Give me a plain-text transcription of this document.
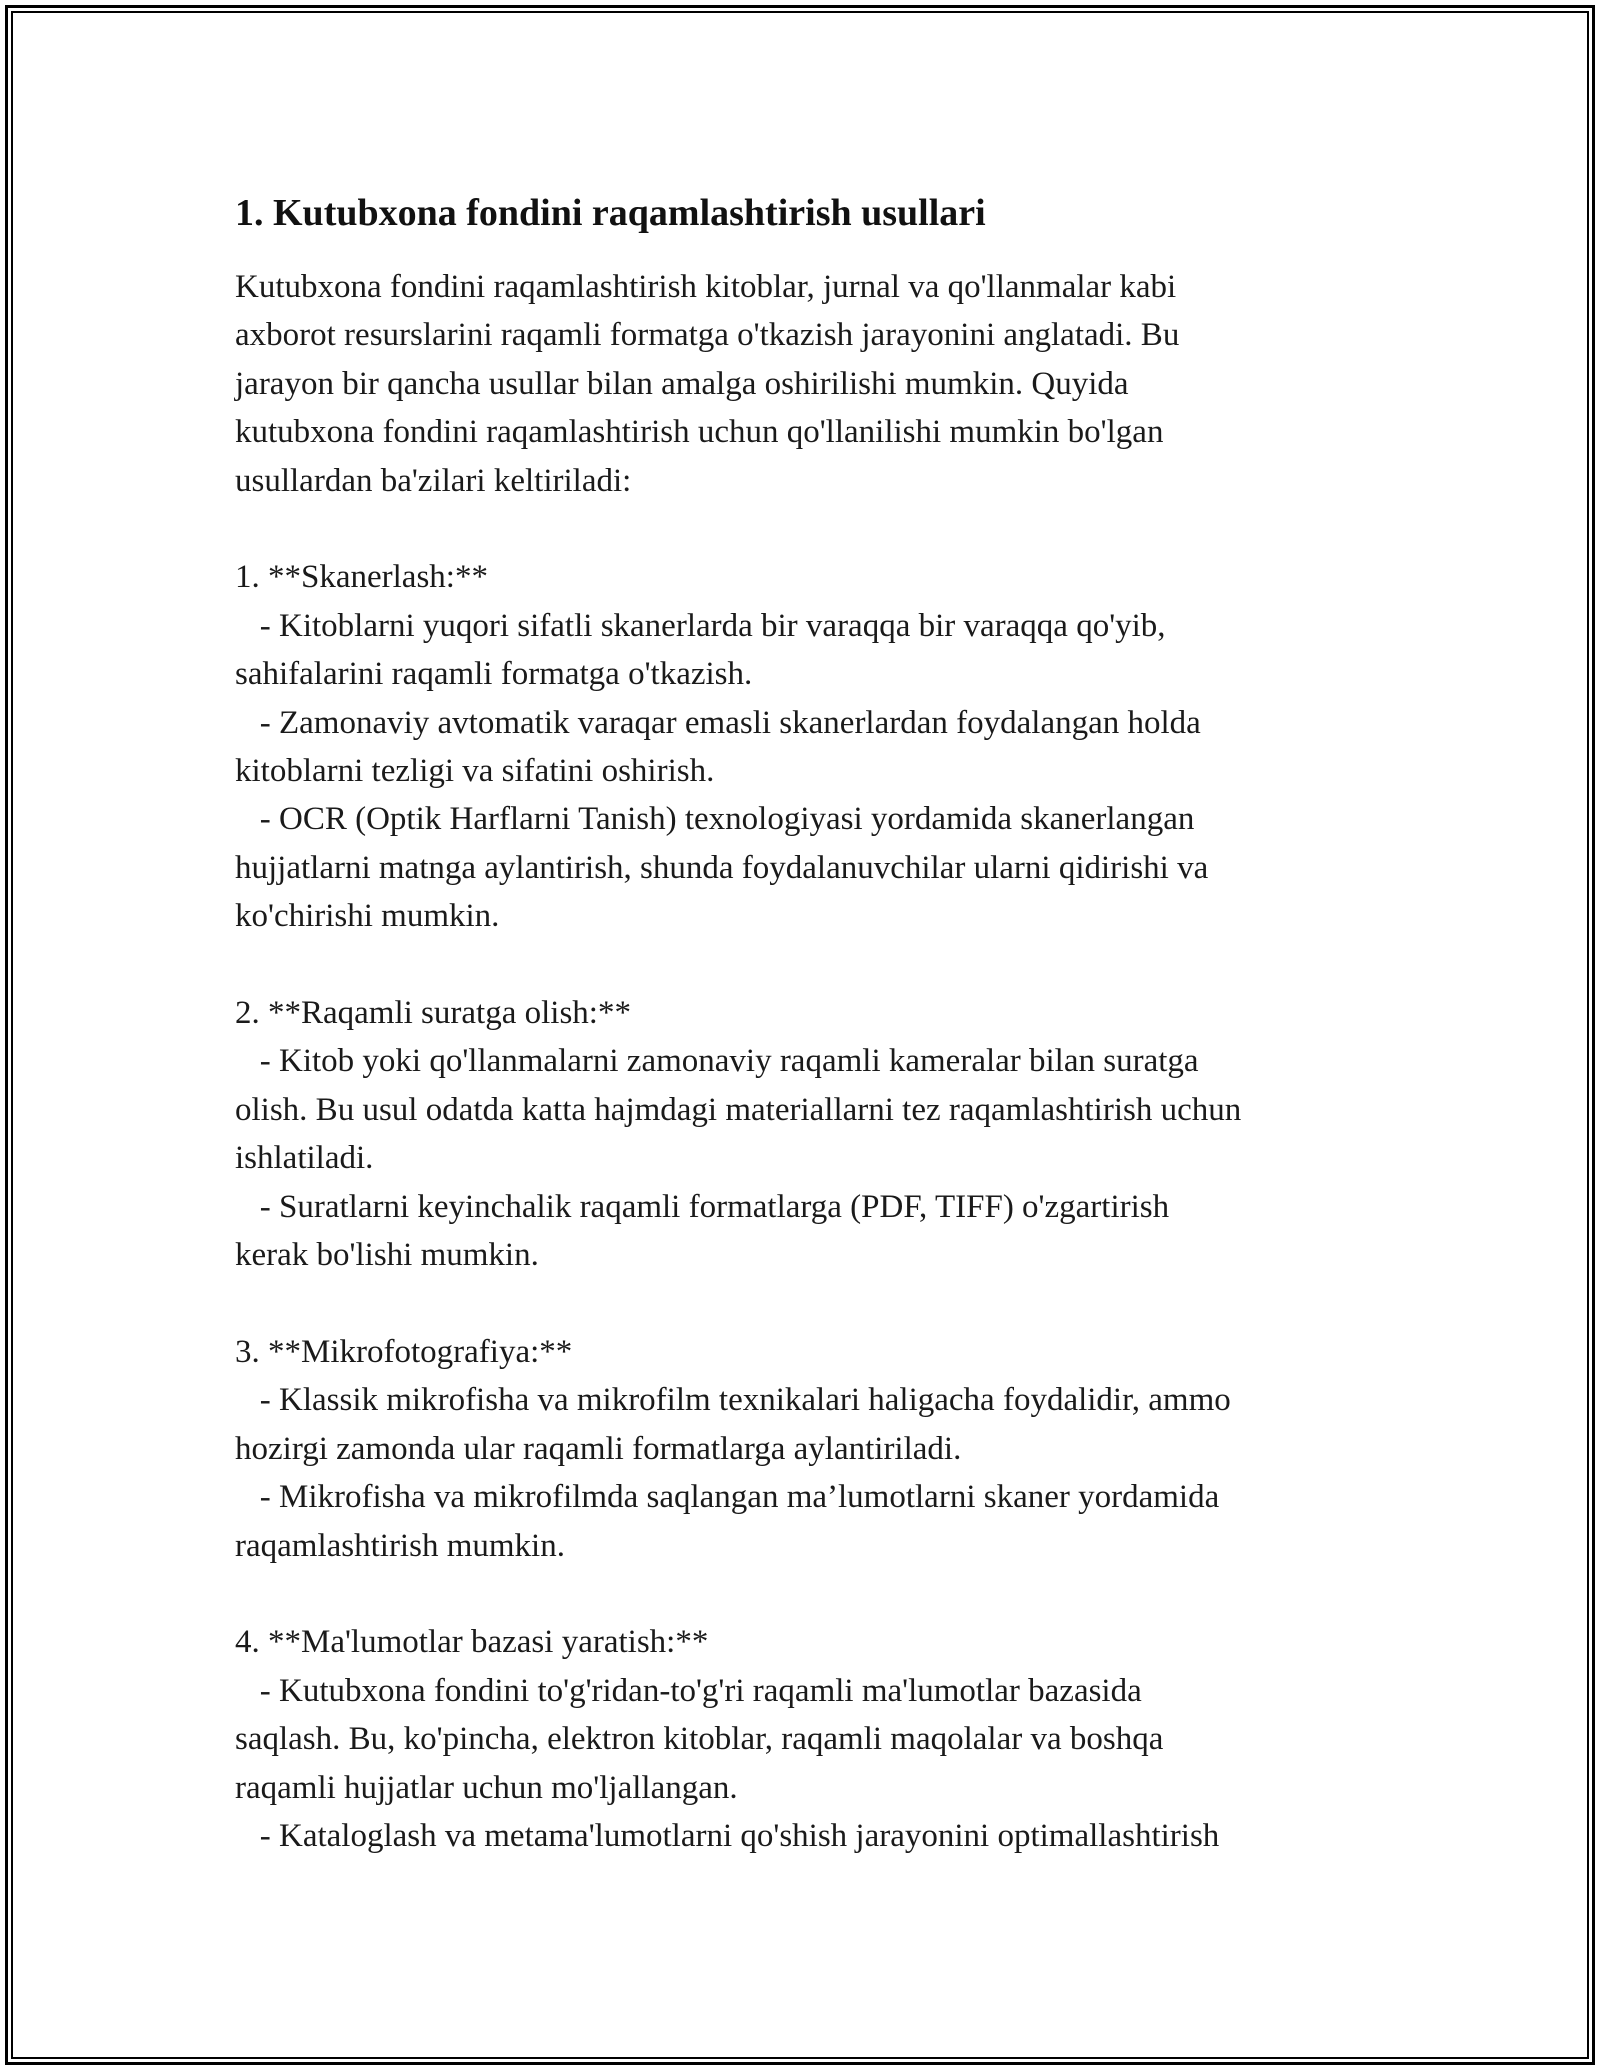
1. Kutubxona fondini raqamlashtirish usullari

Kutubxona fondini raqamlashtirish kitoblar, jurnal va qo'llanmalar kabi
axborot resurslarini raqamli formatga o'tkazish jarayonini anglatadi. Bu
jarayon bir qancha usullar bilan amalga oshirilishi mumkin. Quyida
kutubxona fondini raqamlashtirish uchun qo'llanilishi mumkin bo'lgan
usullardan ba'zilari keltiriladi:

1. **Skanerlash:**

- Kitoblarni yuqori sifatli skanerlarda bir varaqqa bir varaqqa qo'yib,
sahifalarini raqamli formatga o'tkazish.

- Zamonaviy avtomatik varaqar emasli skanerlardan foydalangan holda
kitoblarni tezligi va sifatini oshirish.

- OCR (Optik Harflarni Tanish) texnologiyasi yordamida skanerlangan
hujjatlarni matnga aylantirish, shunda foydalanuvchilar ularni qidirishi va
ko'chirishi mumkin.

2. **Raqamli suratga olish:**

- Kitob yoki qo'llanmalarni zamonaviy raqamli kameralar bilan suratga
olish. Bu usul odatda katta hajmdagi materiallarni tez raqamlashtirish uchun
ishlatiladi.

- Suratlarni keyinchalik raqamli formatlarga (PDF, TIFF) o'zgartirish
kerak bo'lishi mumkin.

3. **Mikrofotografiya:**

- Klassik mikrofisha va mikrofilm texnikalari haligacha foydalidir, ammo
hozirgi zamonda ular raqamli formatlarga aylantiriladi.

- Mikrofisha va mikrofilmda saqlangan ma’lumotlarni skaner yordamida
raqamlashtirish mumkin.

4. **Ma'lumotlar bazasi yaratish:**

- Kutubxona fondini to'g'ridan-to'g'ri raqamli ma'lumotlar bazasida
saqlash. Bu, ko'pincha, elektron kitoblar, raqamli maqolalar va boshqa
raqamli hujjatlar uchun mo'ljallangan.

- Kataloglash va metama'lumotlarni qo'shish jarayonini optimallashtirish
